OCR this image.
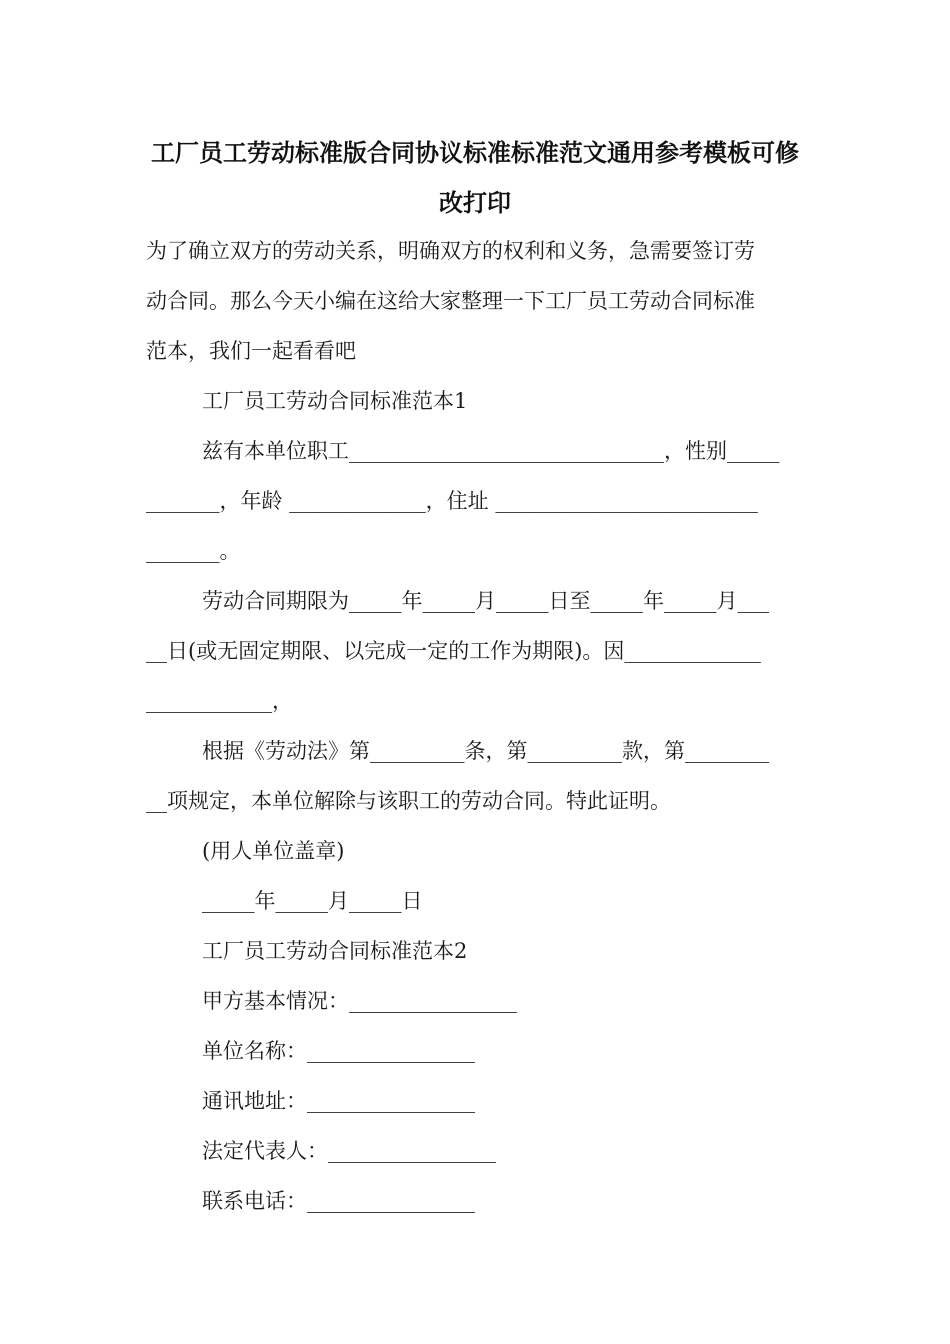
工厂员工劳动标准版合同协议标准标准范文通用参考模板可修改打印
为了确立双方的劳动关系，明确双方的权利和义务，急需要签订劳
动合同。那么今天小编在这给大家整理一下工厂员工劳动合同标准
范本，我们一起看看吧
工厂员工劳动合同标准范本1
兹有本单位职工______________________________，性别_____
_______，年龄 _____________，住址 _________________________
_______。
劳动合同期限为_____年_____月_____日至_____年_____月___
__日(或无固定期限、以完成一定的工作为期限)。因_____________
____________，
根据《劳动法》第_________条，第_________款，第________
__项规定，本单位解除与该职工的劳动合同。特此证明。
(用人单位盖章)
_____年_____月_____日
工厂员工劳动合同标准范本2
甲方基本情况：________________
单位名称：________________
通讯地址：________________
法定代表人：________________
联系电话：________________
